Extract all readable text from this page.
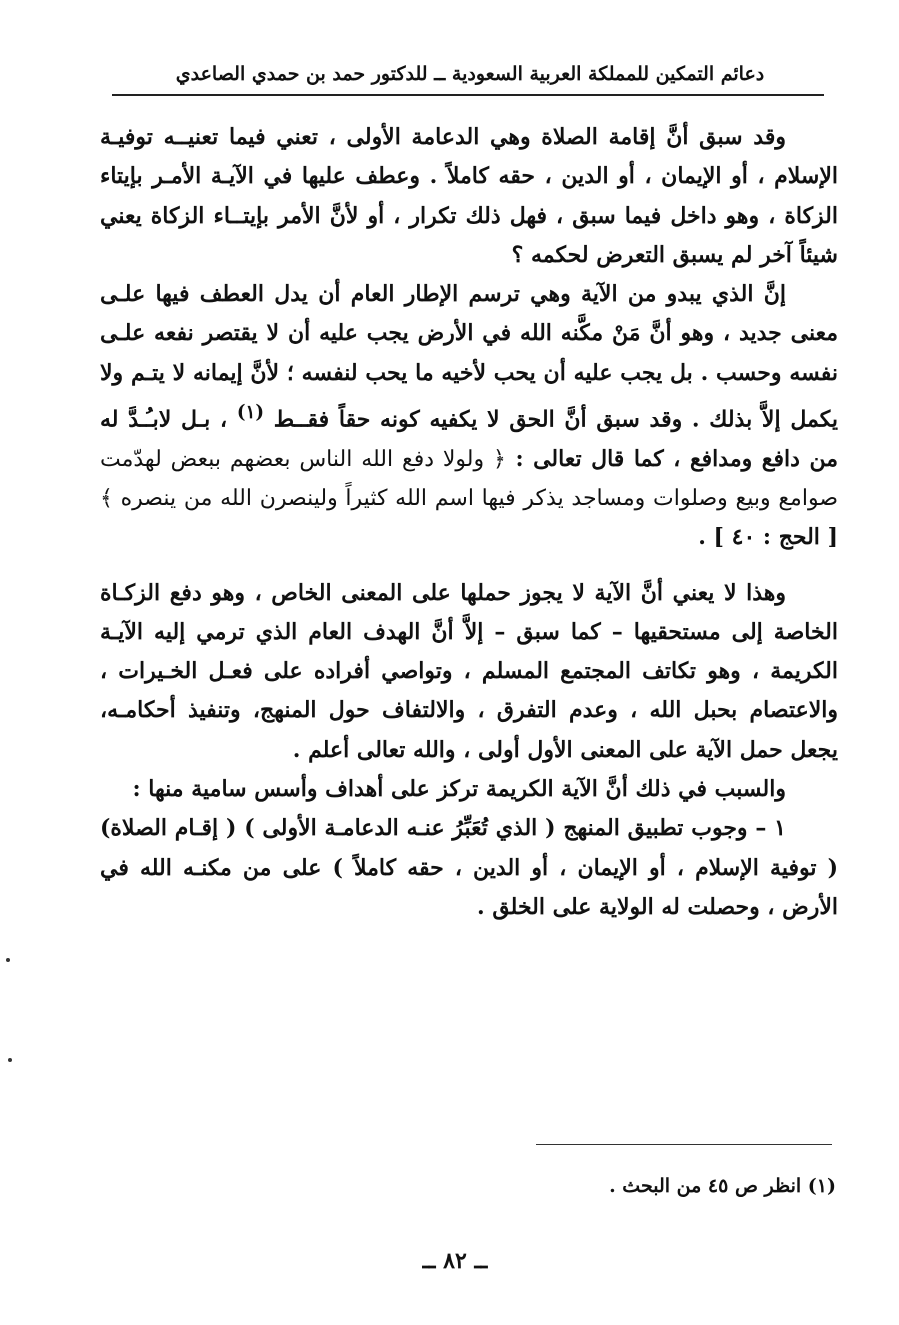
دعائم التمكين للمملكة العربية السعودية ــ للدكتور حمد بن حمدي الصاعدي

وقد سبق أنَّ إقامة الصلاة وهي الدعامة الأولى ، تعني فيما تعنيــه توفيـة الإسلام ، أو الإيمان ، أو الدين ، حقه كاملاً . وعطف عليها في الآيـة الأمـر بإيتاء الزكاة ، وهو داخل فيما سبق ، فهل ذلك تكرار ، أو لأنَّ الأمر بإيتــاء الزكاة يعني شيئاً آخر لم يسبق التعرض لحكمه ؟

إنَّ الذي يبدو من الآية وهي ترسم الإطار العام أن يدل العطف فيها علـى معنى جديد ، وهو أنَّ مَنْ مكَّنه الله في الأرض يجب عليه أن لا يقتصر نفعه علـى نفسه وحسب . بل يجب عليه أن يحب لأخيه ما يحب لنفسه ؛ لأنَّ إيمانه لا يتـم ولا يكمل إلاَّ بذلك . وقد سبق أنَّ الحق لا يكفيه كونه حقاً فقــط $^{(١)}$ ، بـل لابـُـدَّ له من دافع ومدافع ، كما قال تعالى : ﴿ ولولا دفع الله الناس بعضهم ببعض لهدّمت صوامع وبيع وصلوات ومساجد يذكر فيها اسم الله كثيراً ولينصرن الله من ينصره ﴾ [ الحج : ٤٠ ] .

وهذا لا يعني أنَّ الآية لا يجوز حملها على المعنى الخاص ، وهو دفع الزكـاة الخاصة إلى مستحقيها – كما سبق – إلاَّ أنَّ الهدف العام الذي ترمي إليه الآيـة الكريمة ، وهو تكاتف المجتمع المسلم ، وتواصي أفراده على فعـل الخـيرات ، والاعتصام بحبل الله ، وعدم التفرق ، والالتفاف حول المنهج، وتنفيذ أحكامـه، يجعل حمل الآية على المعنى الأول أولى ، والله تعالى أعلم .

والسبب في ذلك أنَّ الآية الكريمة تركز على أهداف وأسس سامية منها :

١ – وجوب تطبيق المنهج ( الذي تُعَبِّرُ عنـه الدعامـة الأولى ) ( إقـام الصلاة) ( توفية الإسلام ، أو الإيمان ، أو الدين ، حقه كاملاً ) على من مكنـه الله في الأرض ، وحصلت له الولاية على الخلق .

(١) انظر ص ٤٥ من البحث .
ــ ٨٢ ــ
